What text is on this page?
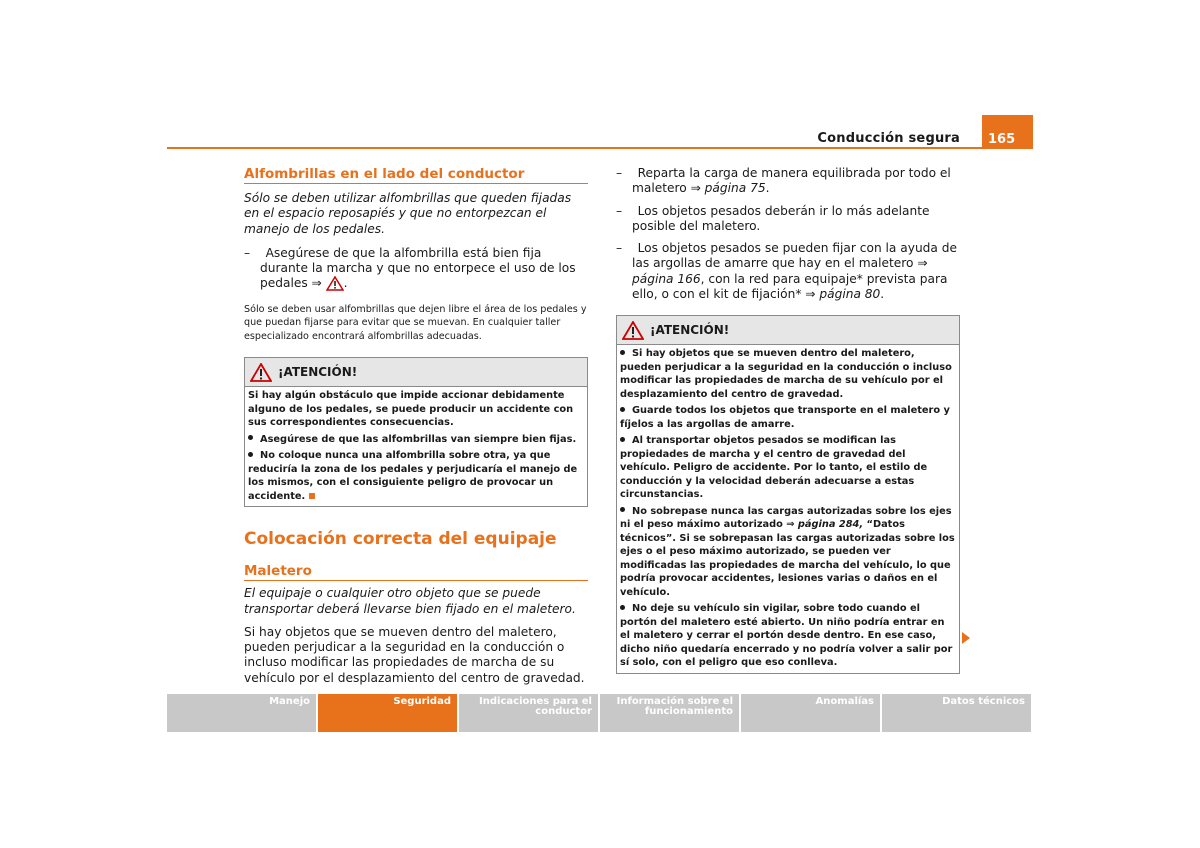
Conducción segura	165
Alfombrillas en el lado del conductor

Sólo se deben utilizar alfombrillas que queden fijadas en el espacio reposapiés y que no entorpezcan el manejo de los pedales.

– Asegúrese de que la alfombrilla está bien fija durante la marcha y que no entorpece el uso de los pedales ⇒ .

Sólo se deben usar alfombrillas que dejen libre el área de los pedales y que puedan fijarse para evitar que se muevan. En cualquier taller especializado encontrará alfombrillas adecuadas.

¡ATENCIÓN!

Si hay algún obstáculo que impide accionar debidamente alguno de los pedales, se puede producir un accidente con sus correspondientes consecuencias.

Asegúrese de que las alfombrillas van siempre bien fijas.

No coloque nunca una alfombrilla sobre otra, ya que reduciría la zona de los pedales y perjudicaría el manejo de los mismos, con el consiguiente peligro de provocar un accidente.

Colocación correcta del equipaje
Maletero

El equipaje o cualquier otro objeto que se puede transportar deberá llevarse bien fijado en el maletero.

Si hay objetos que se mueven dentro del maletero, pueden perjudicar a la seguridad en la conducción o incluso modificar las propiedades de marcha de su vehículo por el desplazamiento del centro de gravedad.

–    Reparta la carga de manera equilibrada por todo el maletero ⇒ página 75.

–    Los objetos pesados deberán ir lo más adelante posible del maletero.

–    Los objetos pesados se pueden fijar con la ayuda de las argollas de amarre que hay en el maletero ⇒ página 166, con la red para equipaje* prevista para ello, o con el kit de fijación* ⇒ página 80.

¡ATENCIÓN!

Si hay objetos que se mueven dentro del maletero, pueden perjudicar a la seguridad en la conducción o incluso modificar las propiedades de marcha de su vehículo por el desplazamiento del centro de gravedad.

Guarde todos los objetos que transporte en el maletero y fíjelos a las argollas de amarre.

Al transportar objetos pesados se modifican las propiedades de marcha y el centro de gravedad del vehículo. Peligro de accidente. Por lo tanto, el estilo de conducción y la velocidad deberán adecuarse a estas circunstancias.

No sobrepase nunca las cargas autorizadas sobre los ejes ni el peso máximo autorizado ⇒ página 284, “Datos técnicos”. Si se sobrepasan las cargas autorizadas sobre los ejes o el peso máximo autorizado, se pueden ver modificadas las propiedades de marcha del vehículo, lo que podría provocar accidentes, lesiones varias o daños en el vehículo.

No deje su vehículo sin vigilar, sobre todo cuando el portón del maletero esté abierto. Un niño podría entrar en el maletero y cerrar el portón desde dentro. En ese caso, dicho niño quedaría encerrado y no podría volver a salir por sí solo, con el peligro que eso conlleva.

Manejo	Seguridad	Indicaciones para el conductor
Información sobre el funcionamiento
Anomalías	Datos técnicos
